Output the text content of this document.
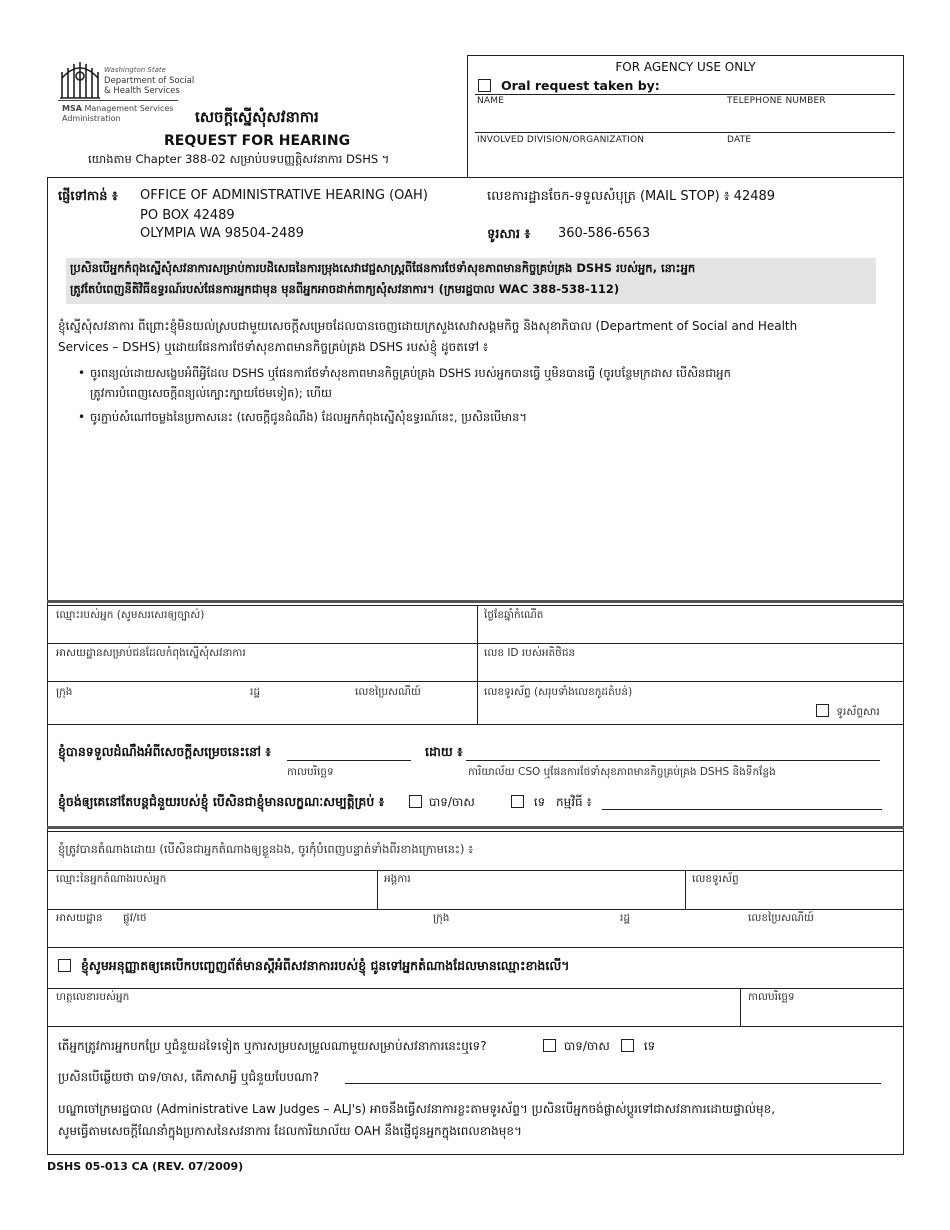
Washington State
Department of Social
& Health Services
MSA Management Services
Administration	សេចក្តីស្នើសុំសវនាការ
REQUEST FOR HEARING
យោងតាម Chapter 388-02 សម្រាប់បទបញ្ញត្តិសវនាការ DSHS ។
FOR AGENCY USE ONLY
Oral request taken by:
NAME	TELEPHONE NUMBER
INVOLVED DIVISION/ORGANIZATION	DATE
ផ្ញើទៅកាន់ ៖ OFFICE OF ADMINISTRATIVE HEARING (OAH)
PO BOX 42489
OLYMPIA WA 98504-2489
លេខការដ្ឋានចែក-ទទួលសំបុត្រ (MAIL STOP) ៖ 42489
ទូរសារ ៖ 360-586-6563
ប្រសិនបើអ្នកកំពុងស្នើសុំសវនាការសម្រាប់ការបដិសេធនៃការម្រុងសេវាវេជ្ជសាស្ត្រពីផែនការថែទាំសុខភាពមានកិច្ចគ្រប់គ្រង DSHS របស់អ្នក, នោះអ្នក
ត្រូវតែបំពេញនីតិវិធីឧទ្ធរណ៍របស់ផែនការអ្នកជាមុន មុនពីអ្នកអាចដាក់ពាក្យសុំសវនាការ។ (ក្រមរដ្ឋបាល WAC 388-538-112)
ខ្ញុំស្នើសុំសវនាការ ពីព្រោះខ្ញុំមិនយល់ស្របជាមួយសេចក្តីសម្រេចដែលបានចេញដោយក្រសួងសេវាសង្គមកិច្ច និងសុខាភិបាល (Department of Social and Health
Services – DSHS) ឬដោយផែនការថែទាំសុខភាពមានកិច្ចគ្រប់គ្រង DSHS របស់ខ្ញុំ ដូចតទៅ ៖
• ចូរពន្យល់ដោយសង្ខេបអំពីអ្វីដែល DSHS ឬផែនការថែទាំសុខភាពមានកិច្ចគ្រប់គ្រង DSHS របស់អ្នកបានធ្វើ ឬមិនបានធ្វើ (ចូរបន្ថែមក្រដាស បើសិនជាអ្នក
ត្រូវការបំពេញសេចក្តីពន្យល់ក្បោះក្បាយថែមទៀត); ហើយ
• ចូរភ្ជាប់សំណៅចម្លងនៃប្រកាសនេះ (សេចក្តីជូនដំណឹង) ដែលអ្នកកំពុងស្នើសុំឧទ្ធរណ៍នេះ, ប្រសិនបើមាន។
ឈ្មោះរបស់អ្នក (សូមសរសេរឲ្យច្បាស់)	ថ្ងៃខែឆ្នាំកំណើត
អាសយដ្ឋានសម្រាប់ជនដែលកំពុងស្នើសុំសវនាការ	លេខ ID របស់អតិថិជន
ក្រុង	រដ្ឋ	លេខប្រៃសណីយ៍	លេខទូរស័ព្ទ (សរុបទាំងលេខកូដតំបន់)
ទូរស័ព្ទសារ
ខ្ញុំបានទទួលដំណឹងអំពីសេចក្តីសម្រេចនេះនៅ ៖	ដោយ ៖
កាលបរិច្ឆេទ	ការិយាល័យ CSO ឬផែនការថែទាំសុខភាពមានកិច្ចគ្រប់គ្រង DSHS និងទីកន្លែង
ខ្ញុំចង់ឲ្យគេនៅតែបន្តជំនួយរបស់ខ្ញុំ បើសិនជាខ្ញុំមានលក្ខណៈសម្បត្តិគ្រប់ ៖	បាទ/ចាស	ទេ កម្មវិធី ៖
ខ្ញុំត្រូវបានតំណាងដោយ (បើសិនជាអ្នកតំណាងឲ្យខ្លួនឯង, ចូរកុំបំពេញបន្ទាត់ទាំងពីរខាងក្រោមនេះ) ៖
ឈ្មោះនៃអ្នកតំណាងរបស់អ្នក	អង្គការ	លេខទូរស័ព្ទ
អាសយដ្ឋាន ផ្លូវ/ថេ	ក្រុង	រដ្ឋ	លេខប្រៃសណីយ៍
ខ្ញុំសូមអនុញ្ញាតឲ្យគេបើកបញ្ចេញព័ត៌មានស្តីអំពីសវនាការរបស់ខ្ញុំ ជូនទៅអ្នកតំណាងដែលមានឈ្មោះខាងលើ។
ហត្ថលេខារបស់អ្នក	កាលបរិច្ឆេទ
តើអ្នកត្រូវការអ្នកបកប្រែ ឬជំនួយដទៃទៀត ឬការសម្របសម្រួលណាមួយសម្រាប់សវនាការនេះឬទេ?	បាទ/ចាស	ទេ
ប្រសិនបើឆ្លើយថា បាទ/ចាស, តើភាសាអ្វី ឬជំនួយបែបណា?
បណ្ឌាចៅក្រមរដ្ឋបាល (Administrative Law Judges – ALJ's) អាចនឹងធ្វើសវនាការខ្លះតាមទូរស័ព្ទ។ ប្រសិនបើអ្នកចង់ផ្លាស់ប្តូរទៅជាសវនាការដោយផ្ទាល់មុខ,
សូមធ្វើតាមសេចក្តីណែនាំក្នុងប្រកាសនៃសវនាការ ដែលការិយាល័យ OAH នឹងផ្ញើជូនអ្នកក្នុងពេលខាងមុខ។
DSHS 05-013 CA (REV. 07/2009)
